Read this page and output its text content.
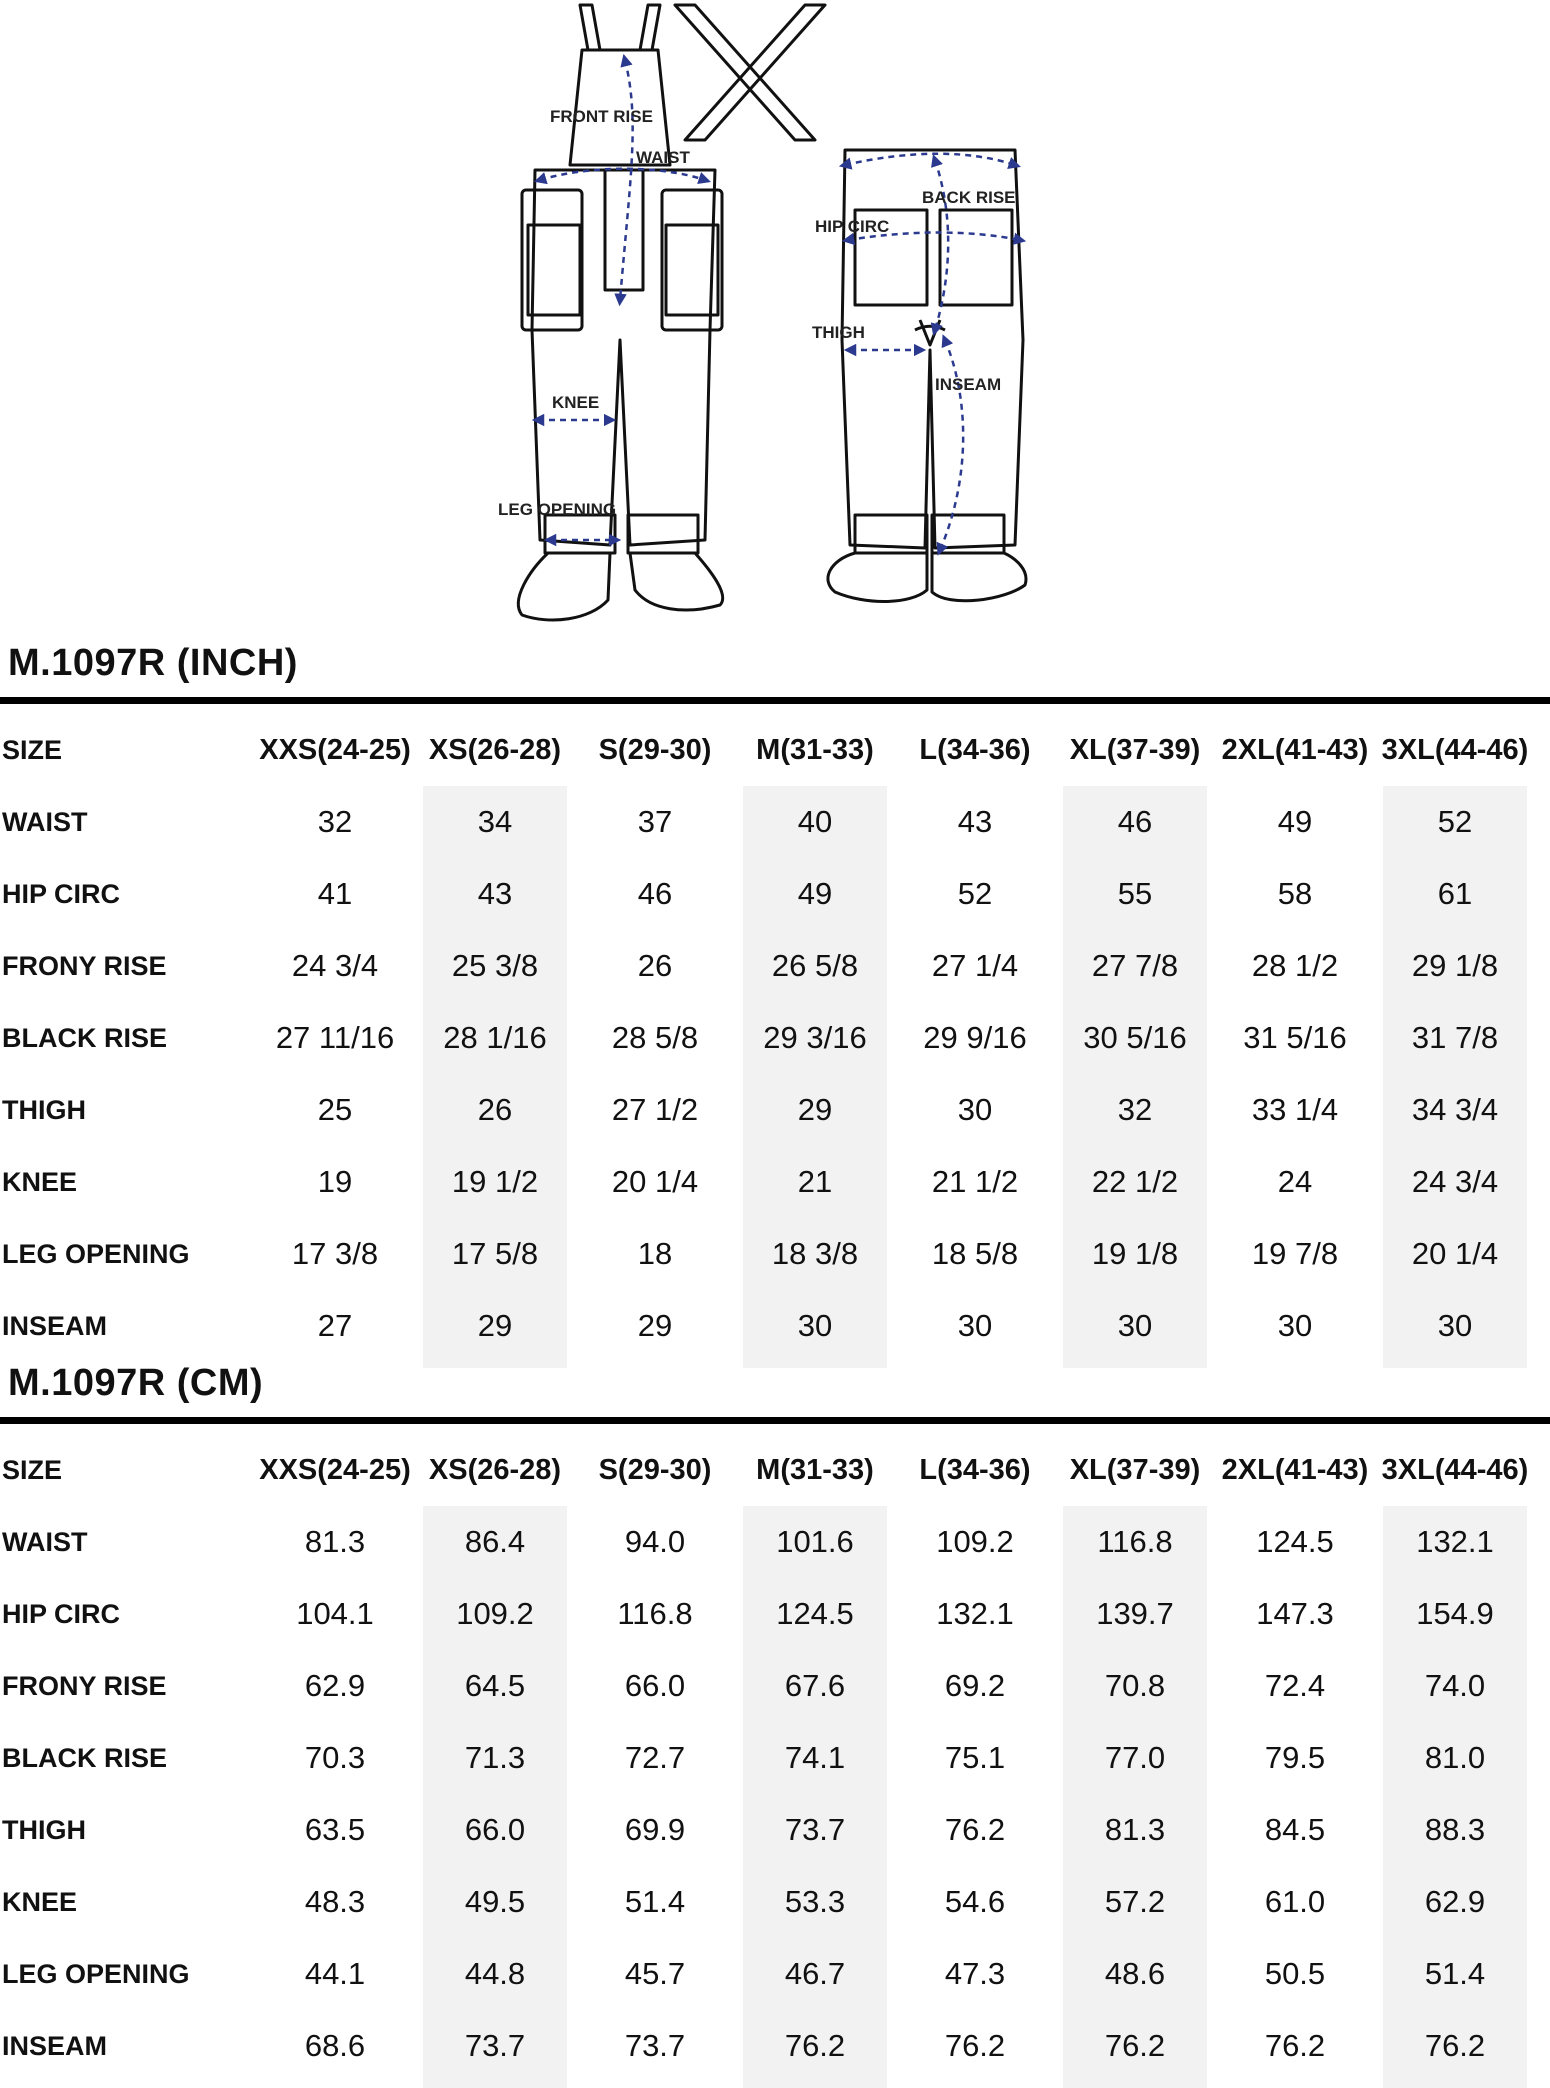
FRONT RISE
WAIST
KNEE
LEG OPENING
BACK RISE
HIP CIRC
THIGH
INSEAM
M.1097R (INCH)
SIZE	XXS(24-25) XS(26-28)	S(29-30)	M(31-33)	L(34-36)	XL(37-39) 2XL(41-43) 3XL(44-46)
WAIST	32	34	37	40	43	46	49	52
HIP CIRC	41	43	46	49	52	55	58	61
FRONY RISE	24 3/4	25 3/8	26	26 5/8	27 1/4	27 7/8	28 1/2	29 1/8
BLACK RISE	27 11/16	28 1/16	28 5/8	29 3/16	29 9/16	30 5/16	31 5/16	31 7/8
THIGH	25	26	27 1/2	29	30	32	33 1/4	34 3/4
KNEE	19	19 1/2	20 1/4	21	21 1/2	22 1/2	24	24 3/4
LEG OPENING	17 3/8	17 5/8	18	18 3/8	18 5/8	19 1/8	19 7/8	20 1/4
INSEAM	27	29	29	30	30	30	30	30
M.1097R (CM)
SIZE	XXS(24-25) XS(26-28)	S(29-30)	M(31-33)	L(34-36)	XL(37-39) 2XL(41-43) 3XL(44-46)
WAIST	81.3	86.4	94.0	101.6	109.2	116.8	124.5	132.1
HIP CIRC	104.1	109.2	116.8	124.5	132.1	139.7	147.3	154.9
FRONY RISE	62.9	64.5	66.0	67.6	69.2	70.8	72.4	74.0
BLACK RISE	70.3	71.3	72.7	74.1	75.1	77.0	79.5	81.0
THIGH	63.5	66.0	69.9	73.7	76.2	81.3	84.5	88.3
KNEE	48.3	49.5	51.4	53.3	54.6	57.2	61.0	62.9
LEG OPENING	44.1	44.8	45.7	46.7	47.3	48.6	50.5	51.4
INSEAM	68.6	73.7	73.7	76.2	76.2	76.2	76.2	76.2
